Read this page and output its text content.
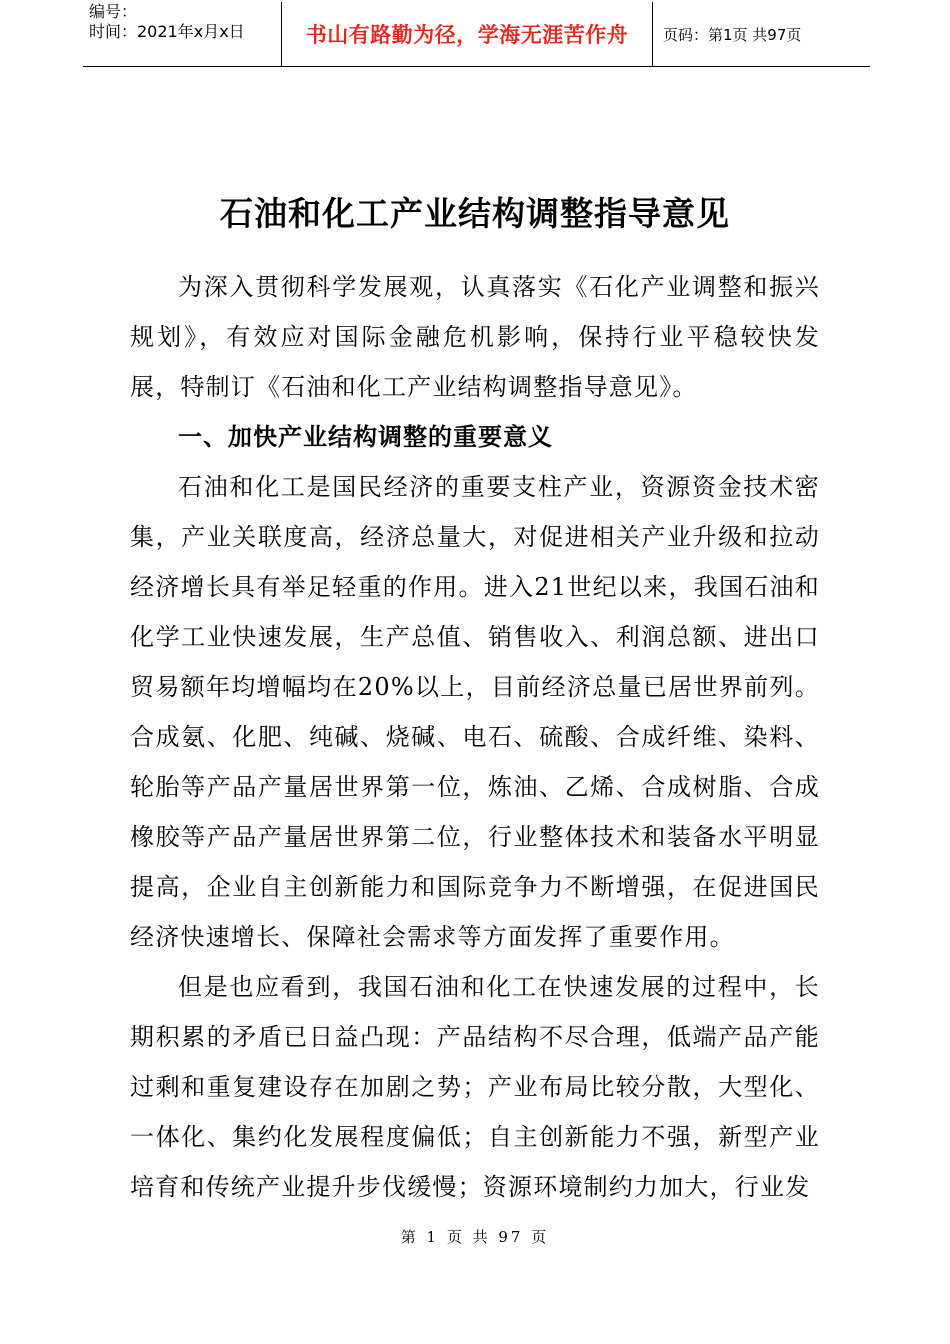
编号：
时间：2021年x月x日	书山有路勤为径，学海无涯苦作舟	页码：第1页 共97页
石油和化工产业结构调整指导意见

为深入贯彻科学发展观，认真落实《石化产业调整和振兴规划》，有效应对国际金融危机影响，保持行业平稳较快发展，特制订《石油和化工产业结构调整指导意见》。

一、加快产业结构调整的重要意义

石油和化工是国民经济的重要支柱产业，资源资金技术密集，产业关联度高，经济总量大，对促进相关产业升级和拉动经济增长具有举足轻重的作用。进入21世纪以来，我国石油和化学工业快速发展，生产总值、销售收入、利润总额、进出口贸易额年均增幅均在20%以上，目前经济总量已居世界前列。合成氨、化肥、纯碱、烧碱、电石、硫酸、合成纤维、染料、轮胎等产品产量居世界第一位，炼油、乙烯、合成树脂、合成橡胶等产品产量居世界第二位，行业整体技术和装备水平明显提高，企业自主创新能力和国际竞争力不断增强，在促进国民经济快速增长、保障社会需求等方面发挥了重要作用。

但是也应看到，我国石油和化工在快速发展的过程中，长期积累的矛盾已日益凸现：产品结构不尽合理，低端产品产能过剩和重复建设存在加剧之势；产业布局比较分散，大型化、一体化、集约化发展程度偏低；自主创新能力不强，新型产业培育和传统产业提升步伐缓慢；资源环境制约力加大，行业发

第 1 页 共 97 页
